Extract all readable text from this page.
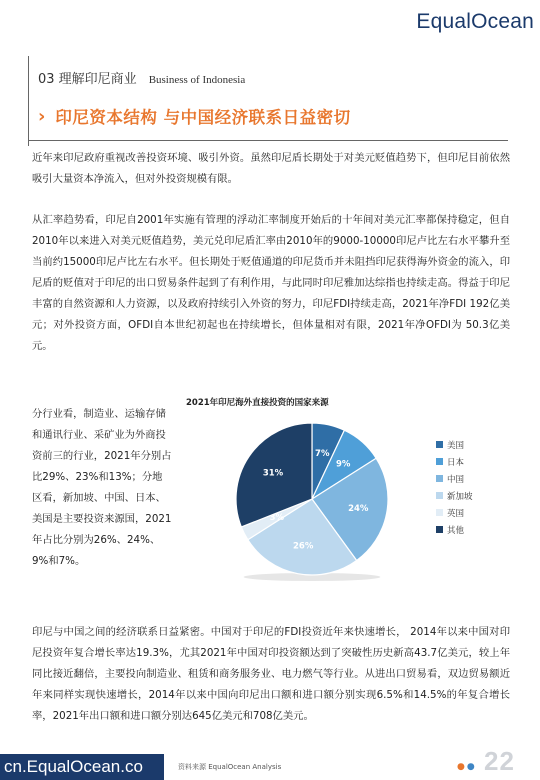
EqualOcean
03 理解印尼商业 Business of Indonesia
› 印尼资本结构 与中国经济联系日益密切

近年来印尼政府重视改善投资环境、吸引外资。虽然印尼盾长期处于对美元贬值趋势下，但印尼目前依然吸引大量资本净流入，但对外投资规模有限。

从汇率趋势看，印尼自2001年实施有管理的浮动汇率制度开始后的十年间对美元汇率都保持稳定，但自2010年以来进入对美元贬值趋势，美元兑印尼盾汇率由2010年的9000-10000印尼卢比左右水平攀升至当前约15000印尼卢比左右水平。但长期处于贬值通道的印尼货币并未阻挡印尼获得海外资金的流入，印尼盾的贬值对于印尼的出口贸易条件起到了有利作用，与此同时印尼雅加达综指也持续走高。得益于印尼丰富的自然资源和人力资源，以及政府持续引入外资的努力，印尼FDI持续走高，2021年净FDI 192亿美元；对外投资方面，OFDI自本世纪初起也在持续增长，但体量相对有限，2021年净OFDI为 50.3亿美元。

分行业看，制造业、运输存储和通讯行业、采矿业为外商投资前三的行业，2021年分别占比29%、23%和13%；分地区看，新加坡、中国、日本、美国是主要投资来源国，2021年占比分别为26%、24%、9%和7%。

7%
9%
24%
26%
3%
31%
美国
日本
中国
新加坡
英国
其他
2021年印尼海外直接投资的国家来源

印尼与中国之间的经济联系日益紧密。中国对于印尼的FDI投资近年来快速增长， 2014年以来中国对印尼投资年复合增长率达19.3%，尤其2021年中国对印投资额达到了突破性历史新高43.7亿美元，较上年同比接近翻倍，主要投向制造业、租赁和商务服务业、电力燃气等行业。从进出口贸易看，双边贸易额近年来同样实现快速增长，2014年以来中国向印尼出口额和进口额分别实现6.5%和14.5%的年复合增长率，2021年出口额和进口额分别达645亿美元和708亿美元。

cn.EqualOcean.co	资料来源 EqualOcean Analysis	●● 22
